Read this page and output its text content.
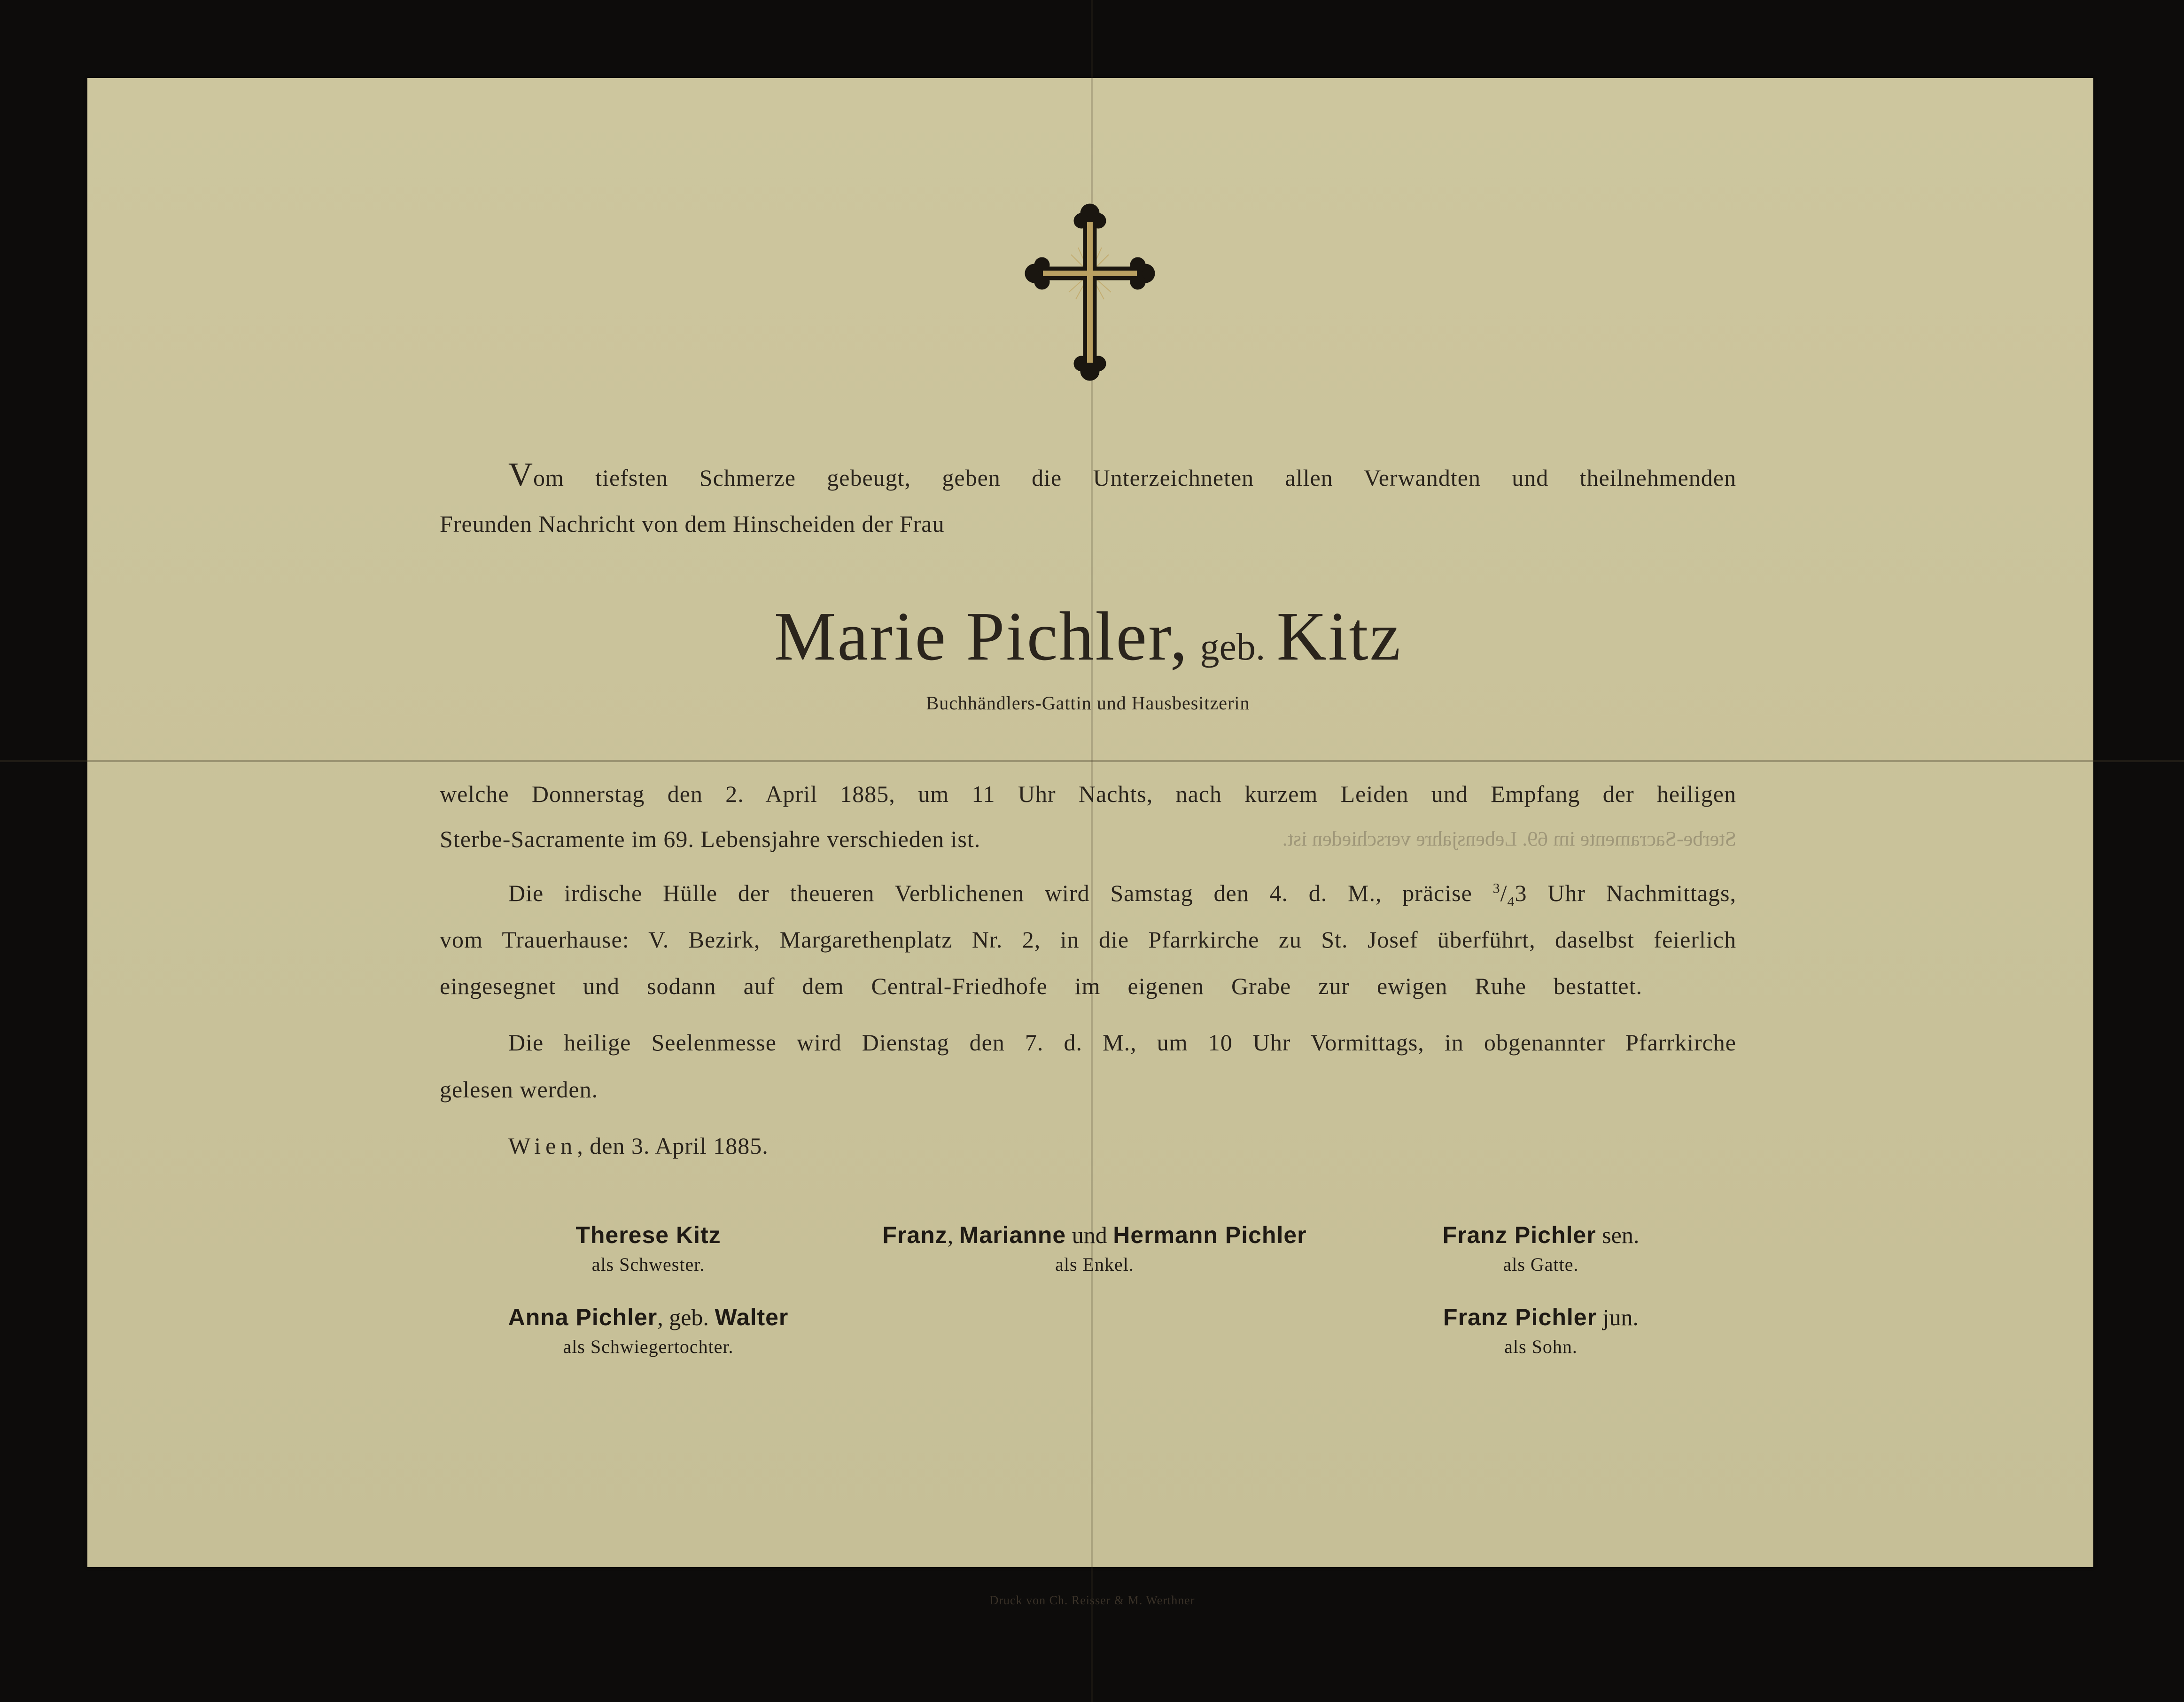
Vom tiefsten Schmerze gebeugt, geben die Unterzeichneten allen Verwandten und theilnehmenden
Freunden Nachricht von dem Hinscheiden der Frau
Marie Pichler, geb. Kitz
Buchhändlers-Gattin und Hausbesitzerin
welche Donnerstag den 2. April 1885, um 11 Uhr Nachts, nach kurzem Leiden und Empfang der heiligen
Sterbe-Sacramente im 69. Lebensjahre verschieden ist.	Sterbe-Sacramente im 69. Lebensjahre verschieden ist.
Die irdische Hülle der theueren Verblichenen wird Samstag den 4. d. M., präcise $^3/_43$ Uhr Nachmittags,
vom Trauerhause: V. Bezirk, Margarethenplatz Nr. 2, in die Pfarrkirche zu St. Josef überführt, daselbst feierlich
eingesegnet und sodann auf dem Central-Friedhofe im eigenen Grabe zur ewigen Ruhe bestattet.
Die heilige Seelenmesse wird Dienstag den 7. d. M., um 10 Uhr Vormittags, in obgenannter Pfarrkirche
gelesen werden.
Wien, den 3. April 1885.
Therese Kitz
als Schwester.
Anna Pichler, geb. Walter
als Schwiegertochter.
Franz, Marianne und Hermann Pichler
als Enkel.
Franz Pichler sen.
als Gatte.
Franz Pichler jun.
als Sohn.
Druck von Ch. Reisser & M. Werthner
